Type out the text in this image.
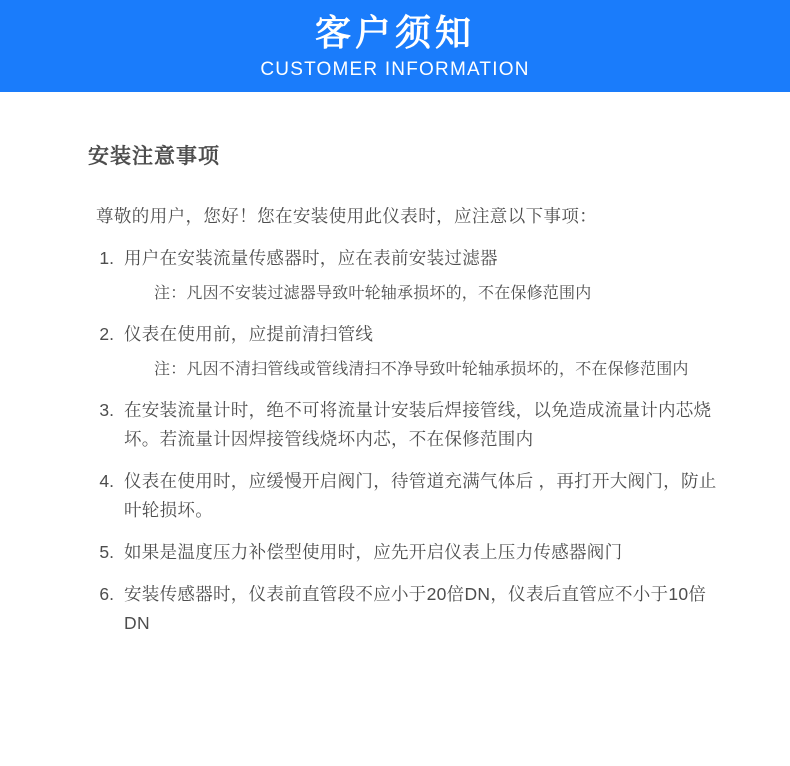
客户须知
CUSTOMER INFORMATION
安装注意事项

尊敬的用户，您好！您在安装使用此仪表时，应注意以下事项：

1. 用户在安装流量传感器时，应在表前安装过滤器
注：凡因不安装过滤器导致叶轮轴承损坏的，不在保修范围内
2. 仪表在使用前，应提前清扫管线
注：凡因不清扫管线或管线清扫不净导致叶轮轴承损坏的，不在保修范围内
3. 在安装流量计时，绝不可将流量计安装后焊接管线，以免造成流量计内芯烧坏。若流量计因焊接管线烧坏内芯，不在保修范围内
4. 仪表在使用时，应缓慢开启阀门，待管道充满气体后 ，再打开大阀门，防止叶轮损坏。
5. 如果是温度压力补偿型使用时，应先开启仪表上压力传感器阀门
6. 安装传感器时，仪表前直管段不应小于20倍DN，仪表后直管应不小于10倍DN
